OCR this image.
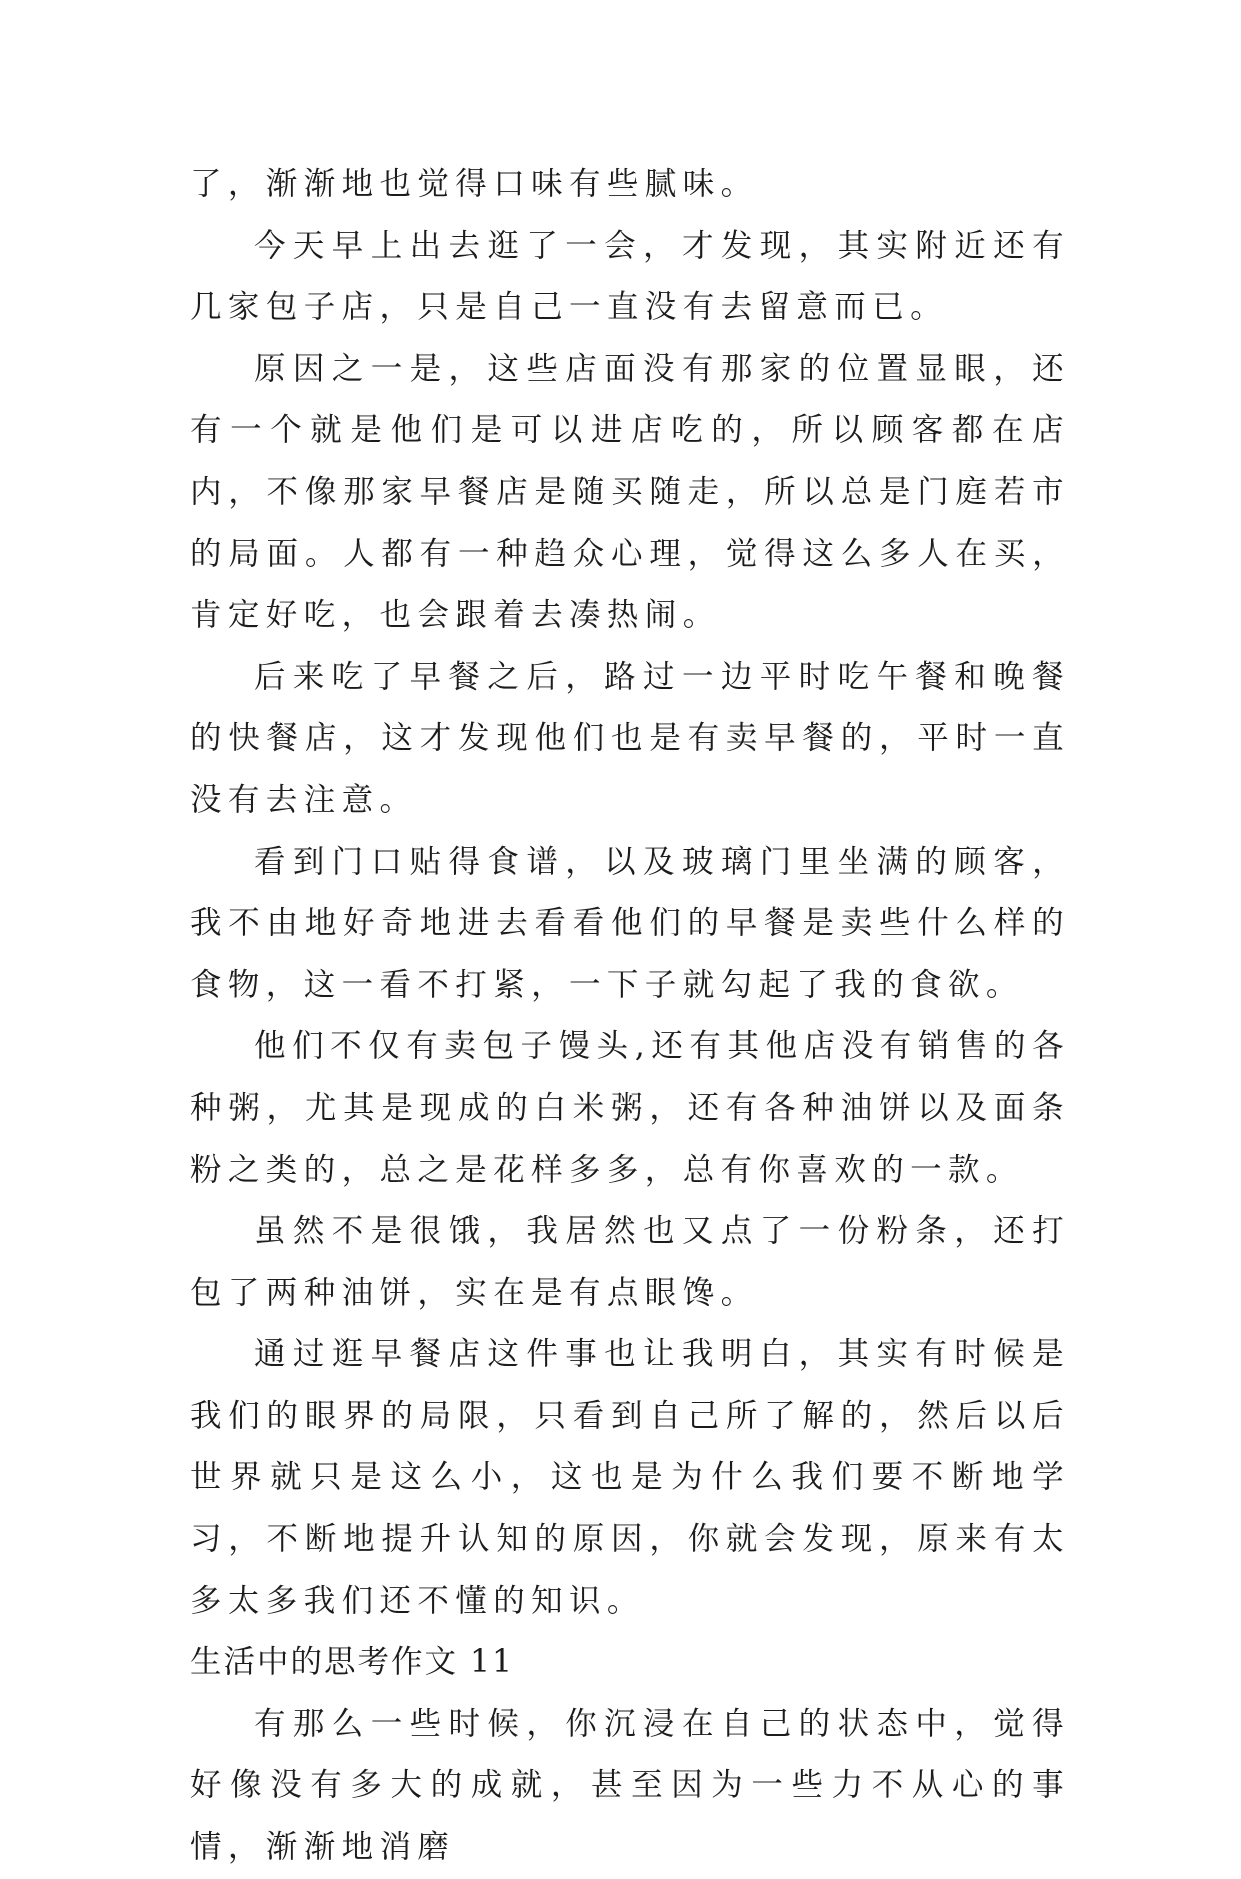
了，渐渐地也觉得口味有些腻味。

今天早上出去逛了一会，才发现，其实附近还有几家包子店，只是自己一直没有去留意而已。

原因之一是，这些店面没有那家的位置显眼，还有一个就是他们是可以进店吃的，所以顾客都在店内，不像那家早餐店是随买随走，所以总是门庭若市的局面。人都有一种趋众心理，觉得这么多人在买，肯定好吃，也会跟着去凑热闹。

后来吃了早餐之后，路过一边平时吃午餐和晚餐的快餐店，这才发现他们也是有卖早餐的，平时一直没有去注意。

看到门口贴得食谱，以及玻璃门里坐满的顾客，我不由地好奇地进去看看他们的早餐是卖些什么样的食物，这一看不打紧，一下子就勾起了我的食欲。

他们不仅有卖包子馒头,还有其他店没有销售的各种粥，尤其是现成的白米粥，还有各种油饼以及面条粉之类的，总之是花样多多，总有你喜欢的一款。

虽然不是很饿，我居然也又点了一份粉条，还打包了两种油饼，实在是有点眼馋。

通过逛早餐店这件事也让我明白，其实有时候是我们的眼界的局限，只看到自己所了解的，然后以后世界就只是这么小，这也是为什么我们要不断地学习，不断地提升认知的原因，你就会发现，原来有太多太多我们还不懂的知识。

生活中的思考作文 11

有那么一些时候，你沉浸在自己的状态中，觉得好像没有多大的成就，甚至因为一些力不从心的事情，渐渐地消磨
